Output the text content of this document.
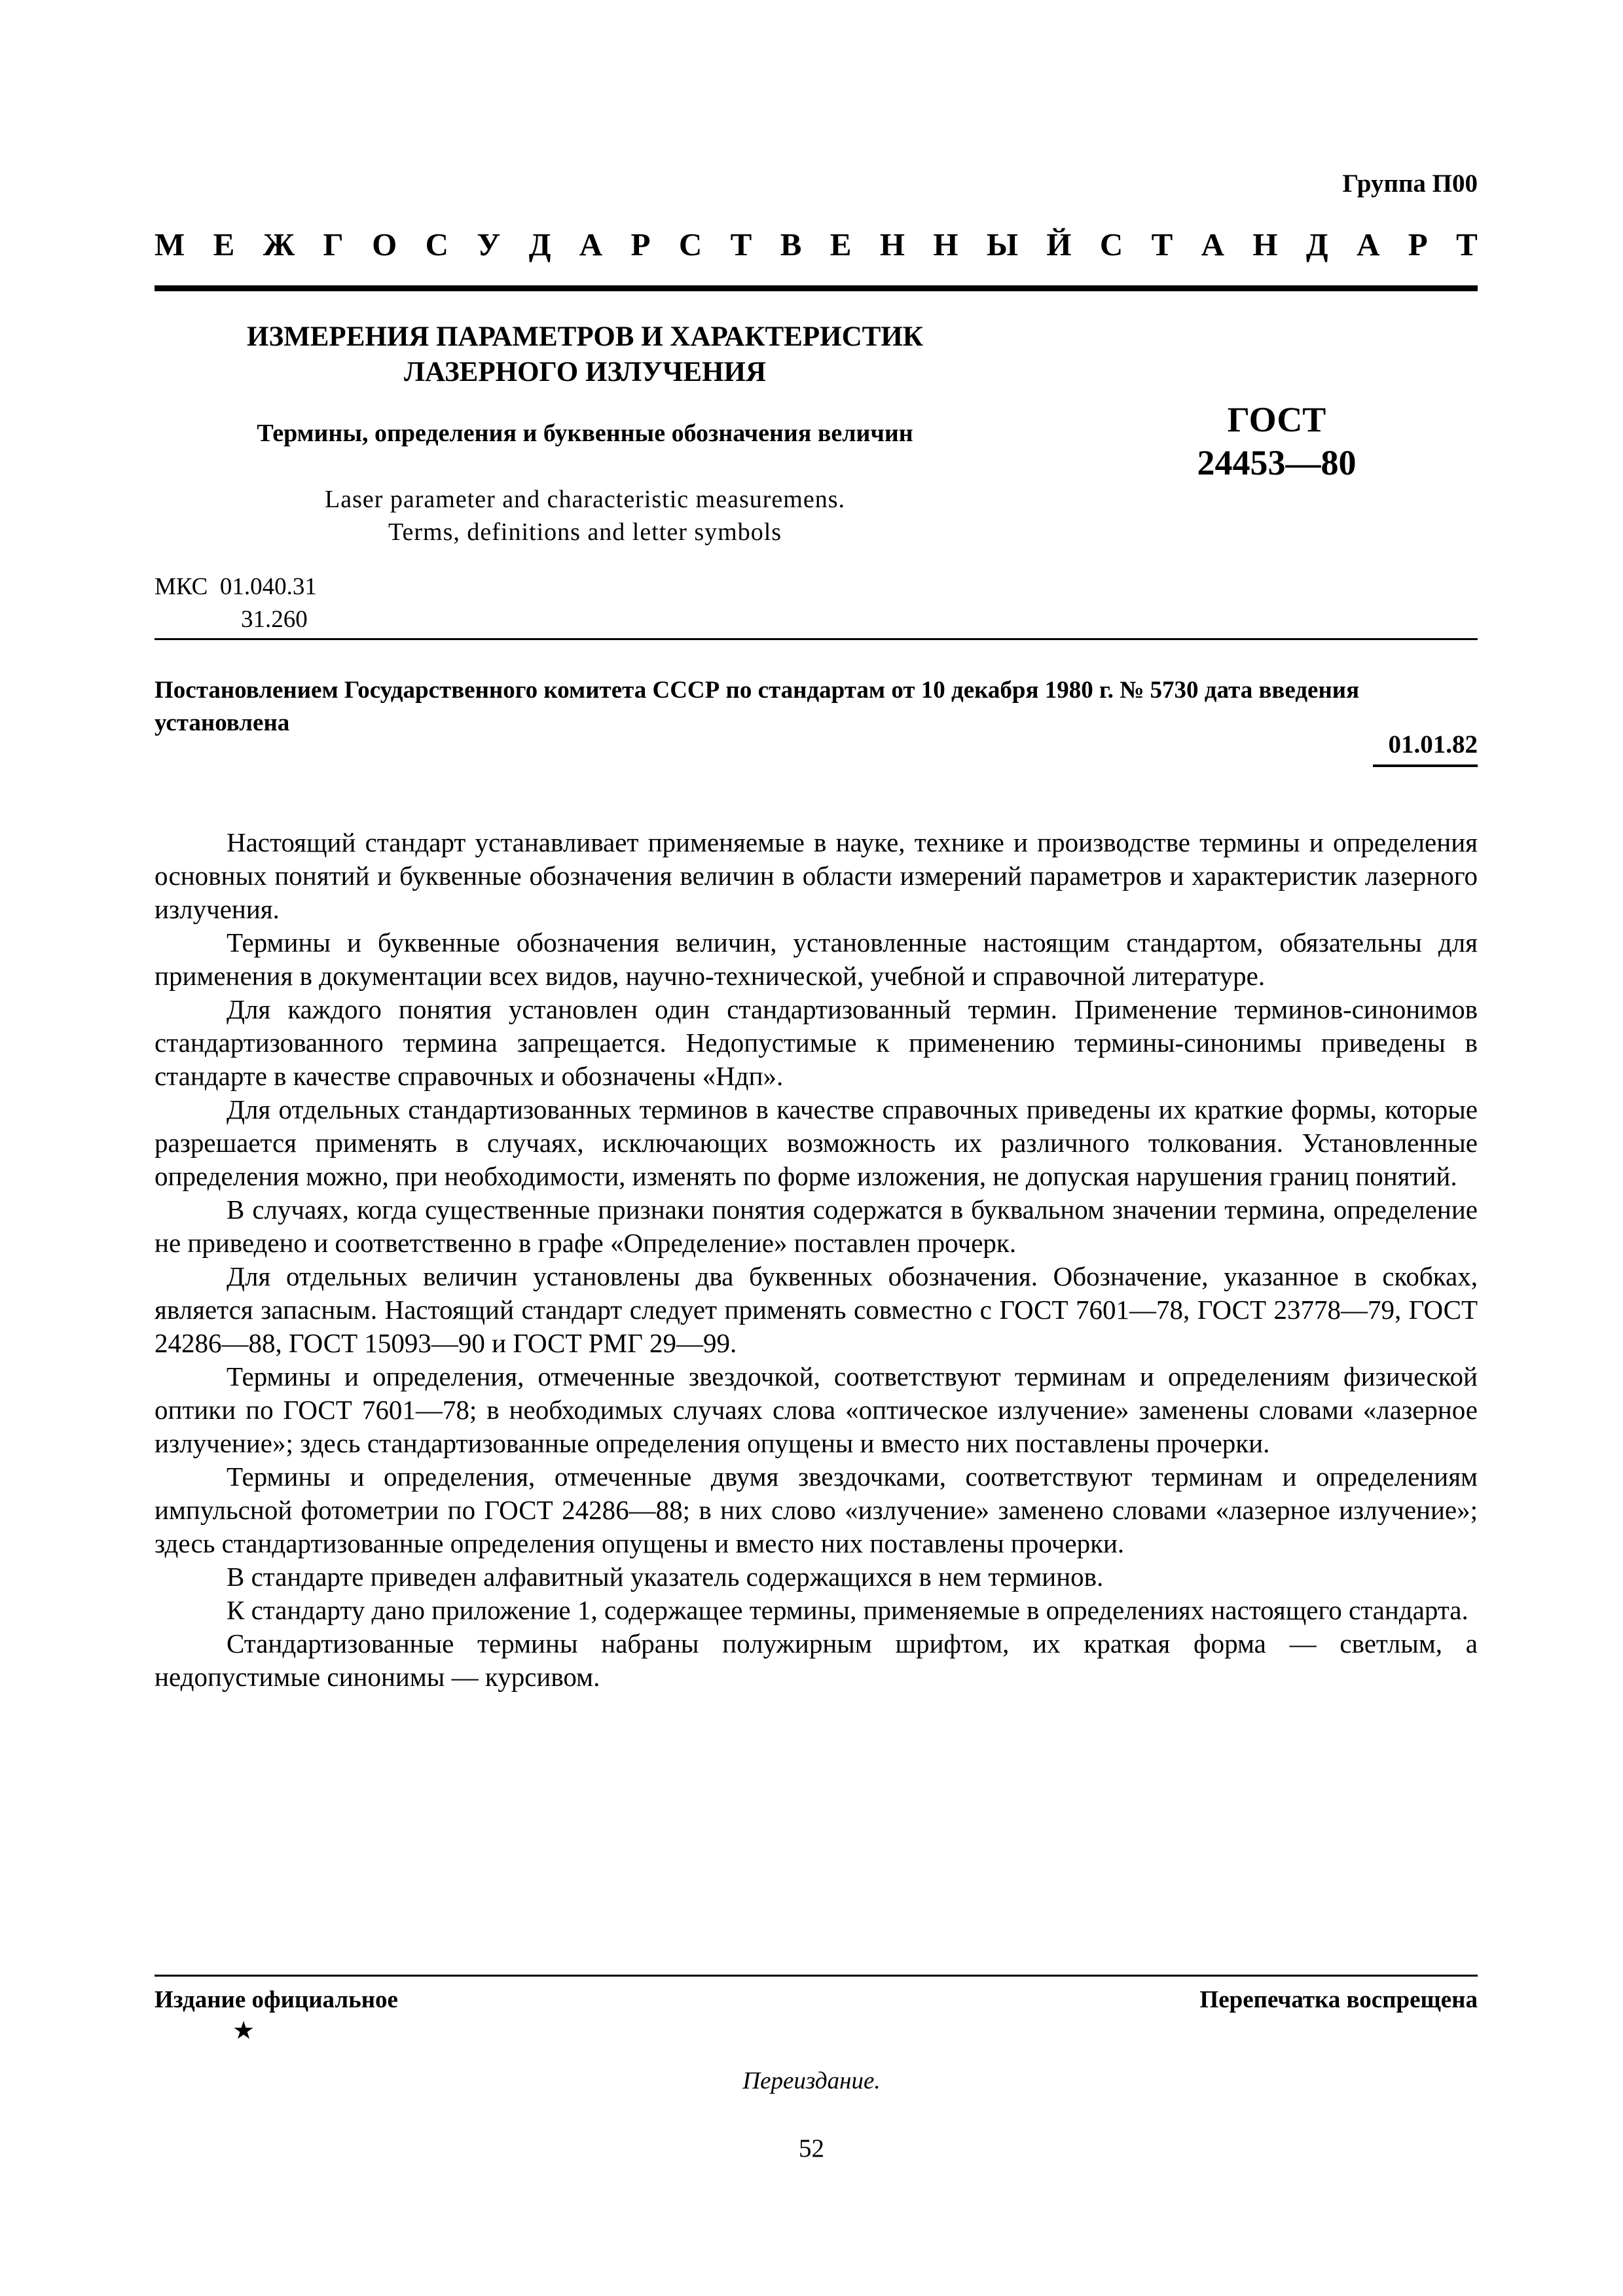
Группа П00
М Е Ж Г О С У Д А Р С Т В Е Н Н Ы Й С Т А Н Д А Р Т
ИЗМЕРЕНИЯ ПАРАМЕТРОВ И ХАРАКТЕРИСТИК
ЛАЗЕРНОГО ИЗЛУЧЕНИЯ
Термины, определения и буквенные обозначения величин
Laser parameter and characteristic measuremens.
Terms, definitions and letter symbols
ГОСТ
24453—80
МКС 01.040.31
31.260
Постановлением Государственного комитета СССР по стандартам от 10 декабря 1980 г. № 5730 дата введения установлена
01.01.82

Настоящий стандарт устанавливает применяемые в науке, технике и производстве термины и определения основных понятий и буквенные обозначения величин в области измерений параметров и характеристик лазерного излучения.

Термины и буквенные обозначения величин, установленные настоящим стандартом, обязательны для применения в документации всех видов, научно-технической, учебной и справочной литературе.

Для каждого понятия установлен один стандартизованный термин. Применение терминов-синонимов стандартизованного термина запрещается. Недопустимые к применению термины-синонимы приведены в стандарте в качестве справочных и обозначены «Ндп».

Для отдельных стандартизованных терминов в качестве справочных приведены их краткие формы, которые разрешается применять в случаях, исключающих возможность их различного толкования. Установленные определения можно, при необходимости, изменять по форме изложения, не допуская нарушения границ понятий.

В случаях, когда существенные признаки понятия содержатся в буквальном значении термина, определение не приведено и соответственно в графе «Определение» поставлен прочерк.

Для отдельных величин установлены два буквенных обозначения. Обозначение, указанное в скобках, является запасным. Настоящий стандарт следует применять совместно с ГОСТ 7601—78, ГОСТ 23778—79, ГОСТ 24286—88, ГОСТ 15093—90 и ГОСТ РМГ 29—99.

Термины и определения, отмеченные звездочкой, соответствуют терминам и определениям физической оптики по ГОСТ 7601—78; в необходимых случаях слова «оптическое излучение» заменены словами «лазерное излучение»; здесь стандартизованные определения опущены и вместо них поставлены прочерки.

Термины и определения, отмеченные двумя звездочками, соответствуют терминам и определениям импульсной фотометрии по ГОСТ 24286—88; в них слово «излучение» заменено словами «лазерное излучение»; здесь стандартизованные определения опущены и вместо них поставлены прочерки.

В стандарте приведен алфавитный указатель содержащихся в нем терминов.

К стандарту дано приложение 1, содержащее термины, применяемые в определениях настоящего стандарта.

Стандартизованные термины набраны полужирным шрифтом, их краткая форма — светлым, а недопустимые синонимы — курсивом.

Издание официальное	Перепечатка воспрещена
★
Переиздание.
52
